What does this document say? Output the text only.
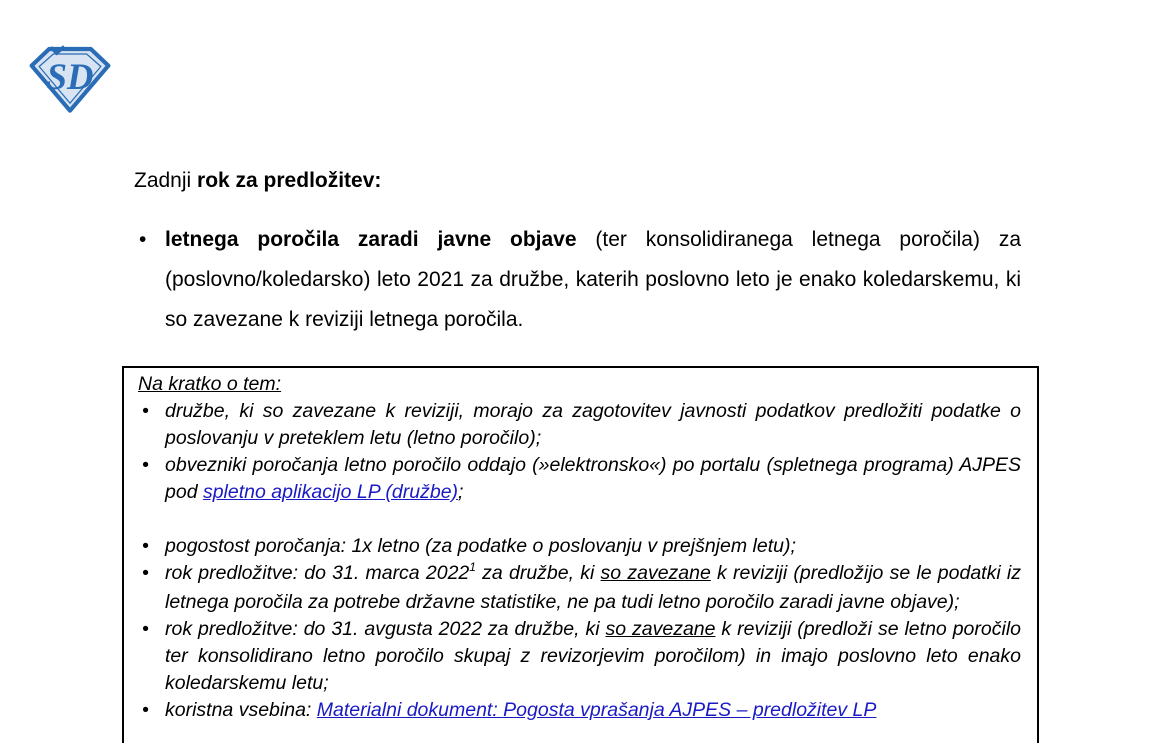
SD

Zadnji rok za predložitev:

• letnega poročila zaradi javne objave (ter konsolidiranega letnega poročila) za (poslovno/koledarsko) leto 2021 za družbe, katerih poslovno leto je enako koledarskemu, ki so zavezane k reviziji letnega poročila.
Na kratko o tem:
• družbe, ki so zavezane k reviziji, morajo za zagotovitev javnosti podatkov predložiti podatke o poslovanju v preteklem letu (letno poročilo);
• obvezniki poročanja letno poročilo oddajo (»elektronsko«) po portalu (spletnega programa) AJPES pod spletno aplikacijo LP (družbe);
• pogostost poročanja: 1x letno (za podatke o poslovanju v prejšnjem letu);
• rok predložitve: do 31. marca 2022$^1$ za družbe, ki so zavezane k reviziji (predložijo se le podatki iz letnega poročila za potrebe državne statistike, ne pa tudi letno poročilo zaradi javne objave);
• rok predložitve: do 31. avgusta 2022 za družbe, ki so zavezane k reviziji (predloži se letno poročilo ter konsolidirano letno poročilo skupaj z revizorjevim poročilom) in imajo poslovno leto enako koledarskemu letu;
• koristna vsebina: Materialni dokument: Pogosta vprašanja AJPES – predložitev LP
